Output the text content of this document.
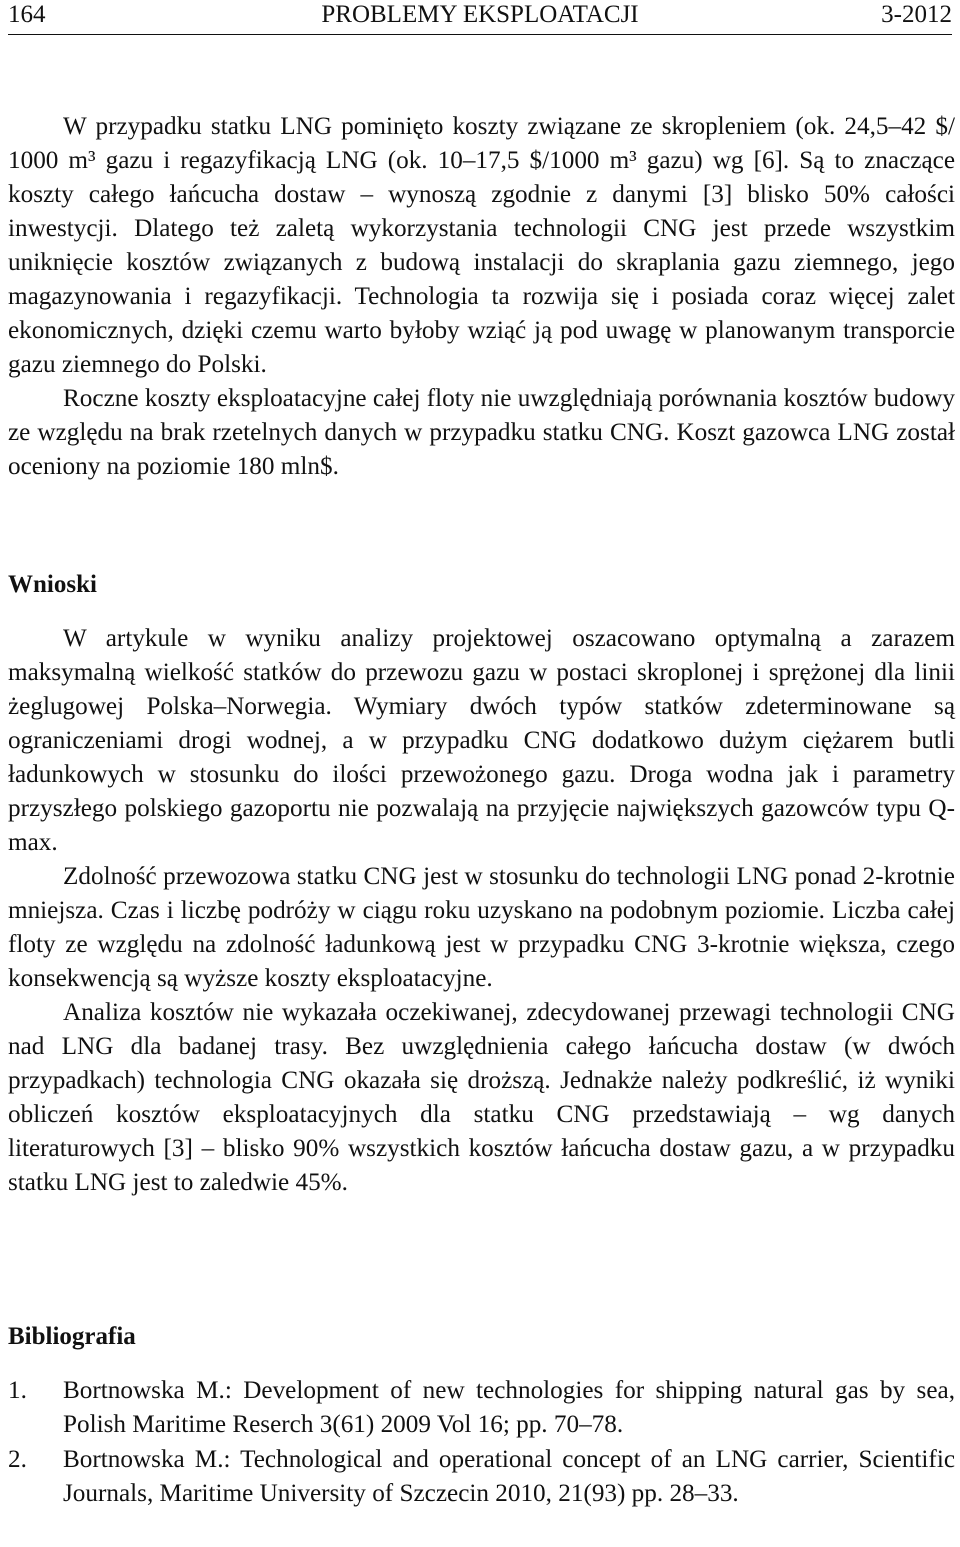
164	PROBLEMY EKSPLOATACJI	3-2012

W przypadku statku LNG pominięto koszty związane ze skropleniem (ok. 24,5–42 $/ 1000 m³ gazu i regazyfikacją LNG (ok. 10–17,5 $/1000 m³ gazu) wg [6]. Są to znaczące koszty całego łańcucha dostaw – wynoszą zgodnie z danymi [3] blisko 50% całości inwestycji. Dlatego też zaletą wykorzystania technologii CNG jest przede wszystkim uniknięcie kosztów związanych z budową instalacji do skraplania gazu ziemnego, jego magazynowania i regazyfikacji. Technologia ta rozwija się i posiada coraz więcej zalet ekonomicznych, dzięki czemu warto byłoby wziąć ją pod uwagę w planowanym transporcie gazu ziemnego do Polski.

Roczne koszty eksploatacyjne całej floty nie uwzględniają porównania kosztów budowy ze względu na brak rzetelnych danych w przypadku statku CNG. Koszt gazowca LNG został oceniony na poziomie 180 mln$.

Wnioski

W artykule w wyniku analizy projektowej oszacowano optymalną a zarazem maksymalną wielkość statków do przewozu gazu w postaci skroplonej i sprężonej dla linii żeglugowej Polska–Norwegia. Wymiary dwóch typów statków zdeterminowane są ograniczeniami drogi wodnej, a w przypadku CNG dodatkowo dużym ciężarem butli ładunkowych w stosunku do ilości przewożonego gazu. Droga wodna jak i parametry przyszłego polskiego gazoportu nie pozwalają na przyjęcie największych gazowców typu Q-max.

Zdolność przewozowa statku CNG jest w stosunku do technologii LNG ponad 2-krotnie mniejsza. Czas i liczbę podróży w ciągu roku uzyskano na podobnym poziomie. Liczba całej floty ze względu na zdolność ładunkową jest w przypadku CNG 3-krotnie większa, czego konsekwencją są wyższe koszty eksploatacyjne.

Analiza kosztów nie wykazała oczekiwanej, zdecydowanej przewagi technologii CNG nad LNG dla badanej trasy. Bez uwzględnienia całego łańcucha dostaw (w dwóch przypadkach) technologia CNG okazała się droższą. Jednakże należy podkreślić, iż wyniki obliczeń kosztów eksploatacyjnych dla statku CNG przedstawiają – wg danych literaturowych [3] – blisko 90% wszystkich kosztów łańcucha dostaw gazu, a w przypadku statku LNG jest to zaledwie 45%.

Bibliografia
1. Bortnowska M.: Development of new technologies for shipping natural gas by sea, Polish Maritime Reserch 3(61) 2009 Vol 16; pp. 70–78.
2. Bortnowska M.: Technological and operational concept of an LNG carrier, Scientific Journals, Maritime University of Szczecin 2010, 21(93) pp. 28–33.
